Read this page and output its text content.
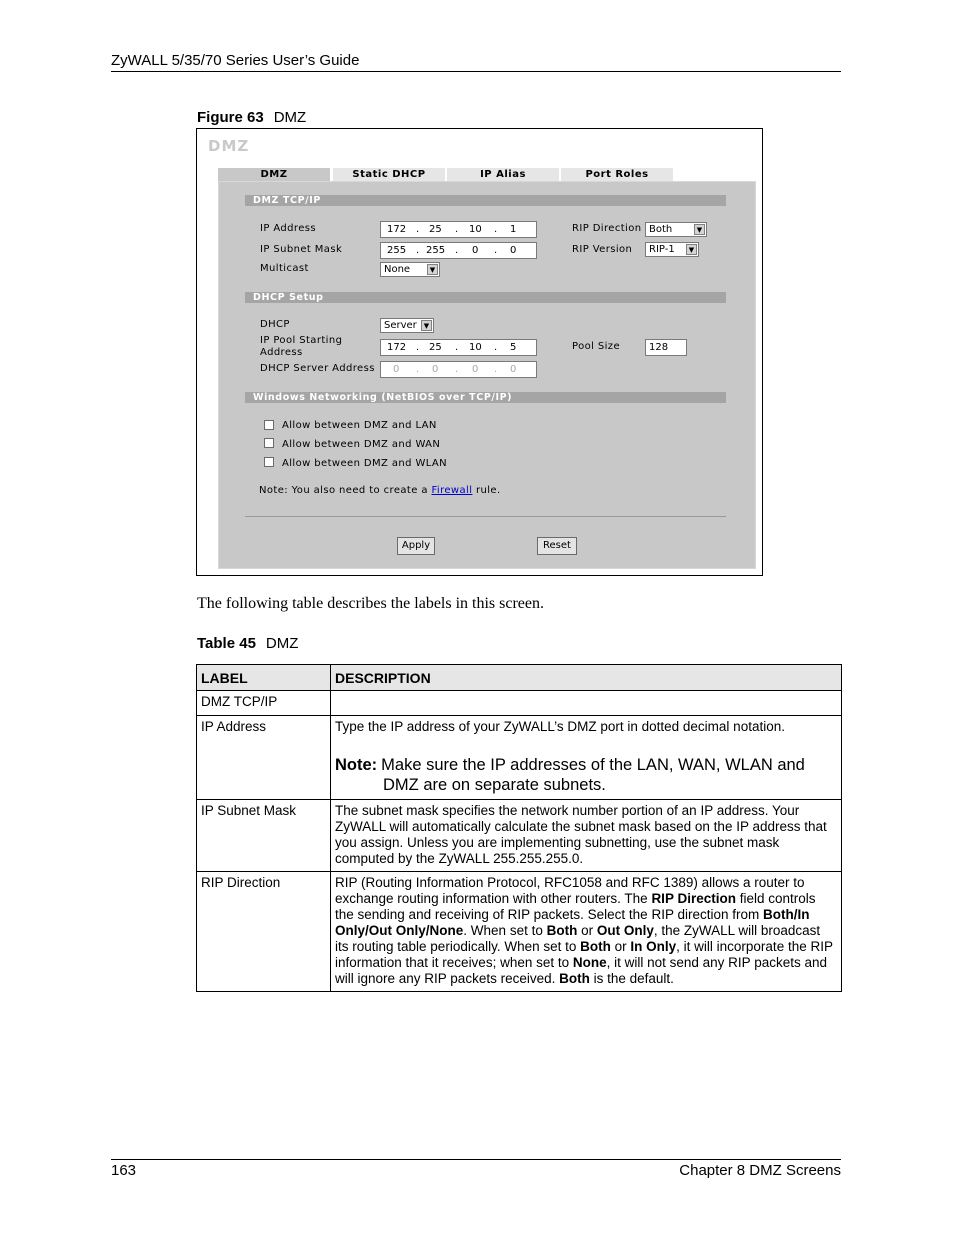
ZyWALL 5/35/70 Series User’s Guide
Figure 63 DMZ
DMZ
DMZ	Static DHCP	IP Alias	Port Roles
DMZ TCP/IP
IP Address	172 . 25 . 10 . 1	RIP Direction Both	▼
IP Subnet Mask	255 . 255 . 0 . 0	RIP Version RIP-1	▼
Multicast	None	▼
DHCP Setup
DHCP	Server	▼
IP Pool Starting
Address	172 . 25 . 10 . 5	Pool Size	128
DHCP Server Address 0 . 0 . 0 . 0
Windows Networking (NetBIOS over TCP/IP)
Allow between DMZ and LAN
Allow between DMZ and WAN
Allow between DMZ and WLAN
Note: You also need to create a Firewall rule.
Apply	Reset
The following table describes the labels in this screen.
Table 45 DMZ
LABEL	DESCRIPTION
DMZ TCP/IP	
IP Address	Type the IP address of your ZyWALL’s DMZ port in dotted decimal notation.
Note: Make sure the IP addresses of the LAN, WAN, WLAN and DMZ are on separate subnets.

IP Subnet Mask	The subnet mask specifies the network number portion of an IP address. Your ZyWALL will automatically calculate the subnet mask based on the IP address that you assign. Unless you are implementing subnetting, use the subnet mask computed by the ZyWALL 255.255.255.0.
RIP Direction	RIP (Routing Information Protocol, RFC1058 and RFC 1389) allows a router to exchange routing information with other routers. The RIP Direction field controls the sending and receiving of RIP packets. Select the RIP direction from Both/In Only/Out Only/None. When set to Both or Out Only, the ZyWALL will broadcast its routing table periodically. When set to Both or In Only, it will incorporate the RIP information that it receives; when set to None, it will not send any RIP packets and will ignore any RIP packets received. Both is the default.
163	Chapter 8 DMZ Screens
